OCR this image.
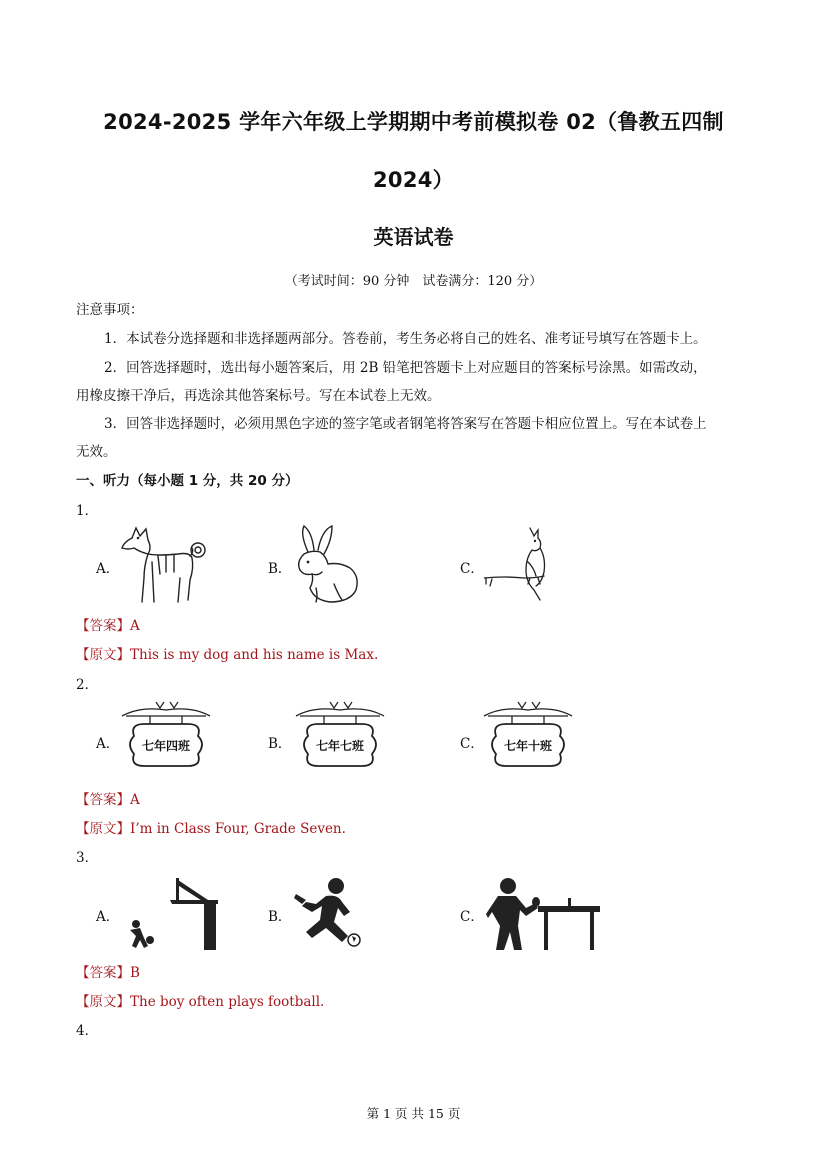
2024-2025 学年六年级上学期期中考前模拟卷 02（鲁教五四制
2024）
英语试卷
（考试时间：90 分钟　试卷满分：120 分）
注意事项：
1．本试卷分选择题和非选择题两部分。答卷前，考生务必将自己的姓名、准考证号填写在答题卡上。
2．回答选择题时，选出每小题答案后，用 2B 铅笔把答题卡上对应题目的答案标号涂黑。如需改动，
用橡皮擦干净后，再选涂其他答案标号。写在本试卷上无效。
3．回答非选择题时，必须用黑色字迹的签字笔或者钢笔将答案写在答题卡相应位置上。写在本试卷上
无效。
一、听力（每小题 1 分，共 20 分）
1．
A．	B．	C．
【答案】A
【原文】This is my dog and his name is Max.
2．
A．	B．	C．
七年四班	七年七班	七年十班
【答案】A
【原文】I’m in Class Four, Grade Seven.
3．
A．	B．	C．
【答案】B
【原文】The boy often plays football.
4．
第 1 页 共 15 页
